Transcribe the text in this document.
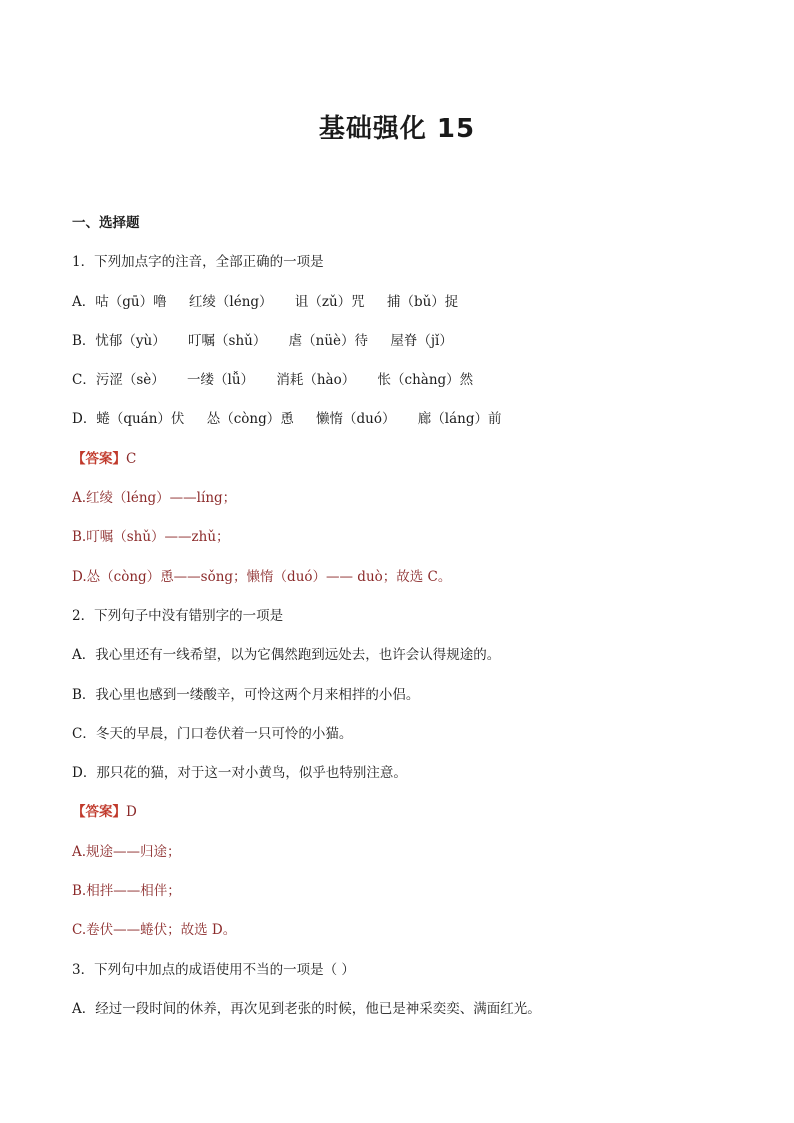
基础强化 15
一、选择题
1．下列加点字的注音，全部正确的一项是
A．咕（gū）噜 红绫（léng） 诅（zǔ）咒 捕（bǔ）捉
B．忧郁（yù） 叮嘱（shǔ） 虐（nüè）待 屋脊（jǐ）
C．污涩（sè） 一缕（lǚ） 消耗（hào） 怅（chàng）然
D．蜷（quán）伏 怂（còng）恿 懒惰（duó） 廊（láng）前
【答案】C
A.红绫（léng）——líng；
B.叮嘱（shǔ）——zhǔ；
D.怂（còng）恿——sǒng；懒惰（duó）—— duò；故选 C。
2．下列句子中没有错别字的一项是
A．我心里还有一线希望，以为它偶然跑到远处去，也许会认得规途的。
B．我心里也感到一缕酸辛，可怜这两个月来相拌的小侣。
C．冬天的早晨，门口卷伏着一只可怜的小猫。
D．那只花的猫，对于这一对小黄鸟，似乎也特别注意。
【答案】D
A.规途——归途；
B.相拌——相伴；
C.卷伏——蜷伏；故选 D。
3．下列句中加点的成语使用不当的一项是（ ）
A．经过一段时间的休养，再次见到老张的时候，他已是神采奕奕、满面红光。
